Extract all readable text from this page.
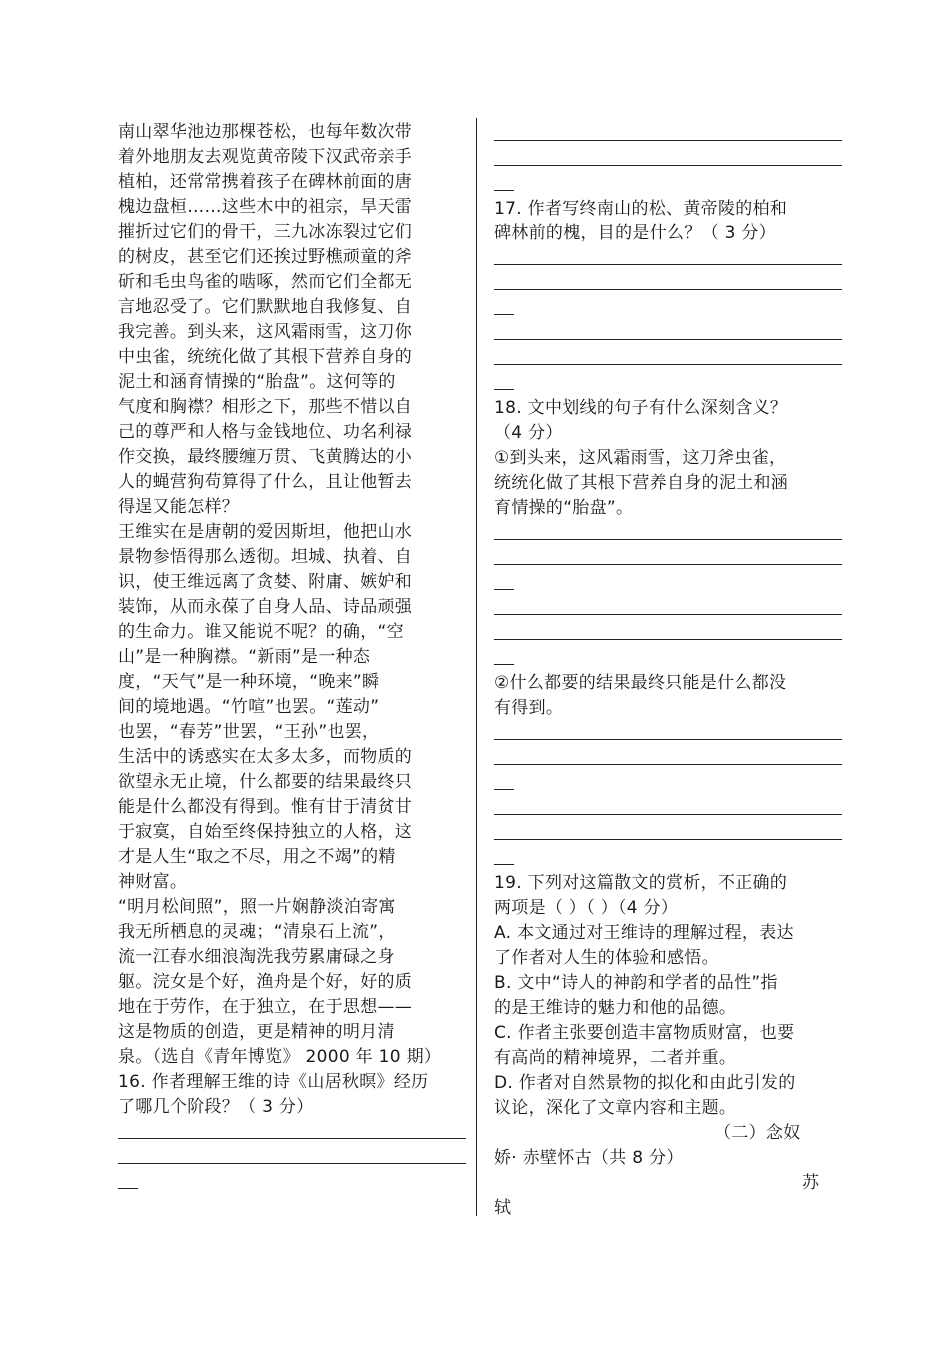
南山翠华池边那棵苍松，也每年数次带
着外地朋友去观览黄帝陵下汉武帝亲手
植柏，还常常携着孩子在碑林前面的唐
槐边盘桓……这些木中的祖宗，旱天雷
摧折过它们的骨干，三九冰冻裂过它们
的树皮，甚至它们还挨过野樵顽童的斧
斫和毛虫鸟雀的啮啄，然而它们全都无
言地忍受了。它们默默地自我修复、自
我完善。到头来，这风霜雨雪，这刀你
中虫雀，统统化做了其根下营养自身的
泥土和涵育情操的“胎盘”。这何等的
气度和胸襟？相形之下，那些不惜以自
己的尊严和人格与金钱地位、功名利禄
作交换，最终腰缠万贯、飞黄腾达的小
人的蝇营狗苟算得了什么，且让他暂去
得逞又能怎样？
王维实在是唐朝的爱因斯坦，他把山水
景物参悟得那么透彻。坦城、执着、自
识，使王维远离了贪婪、附庸、嫉妒和
装饰，从而永葆了自身人品、诗品顽强
的生命力。谁又能说不呢？的确，“空
山”是一种胸襟。“新雨”是一种态
度，“天气”是一种环境，“晚来”瞬
间的境地遇。“竹喧”也罢。“莲动”
也罢，“春芳”世罢，“王孙”也罢，
生活中的诱惑实在太多太多，而物质的
欲望永无止境，什么都要的结果最终只
能是什么都没有得到。惟有甘于清贫甘
于寂寞，自始至终保持独立的人格，这
才是人生“取之不尽，用之不竭”的精
神财富。
“明月松间照”，照一片娴静淡泊寄寓
我无所栖息的灵魂；“清泉石上流”，
流一江春水细浪淘洗我劳累庸碌之身
躯。浣女是个好，渔舟是个好，好的质
地在于劳作，在于独立，在于思想——
这是物质的创造，更是精神的明月清
泉。（选自《青年博览》 2000 年 10 期）
16. 作者理解王维的诗《山居秋暝》经历
了哪几个阶段？（ 3 分）
17. 作者写终南山的松、黄帝陵的柏和
碑林前的槐，目的是什么？（ 3 分）
18. 文中划线的句子有什么深刻含义？
（4 分）
①到头来，这风霜雨雪，这刀斧虫雀，
统统化做了其根下营养自身的泥土和涵
育情操的“胎盘”。
②什么都要的结果最终只能是什么都没
有得到。
19. 下列对这篇散文的赏析，不正确的
两项是（ ）（ ）（4 分）
A. 本文通过对王维诗的理解过程，表达
了作者对人生的体验和感悟。
B. 文中“诗人的神韵和学者的品性”指
的是王维诗的魅力和他的品德。
C. 作者主张要创造丰富物质财富，也要
有高尚的精神境界，二者并重。
D. 作者对自然景物的拟化和由此引发的
议论，深化了文章内容和主题。
（二）念奴
娇· 赤壁怀古（共 8 分）
苏
轼
